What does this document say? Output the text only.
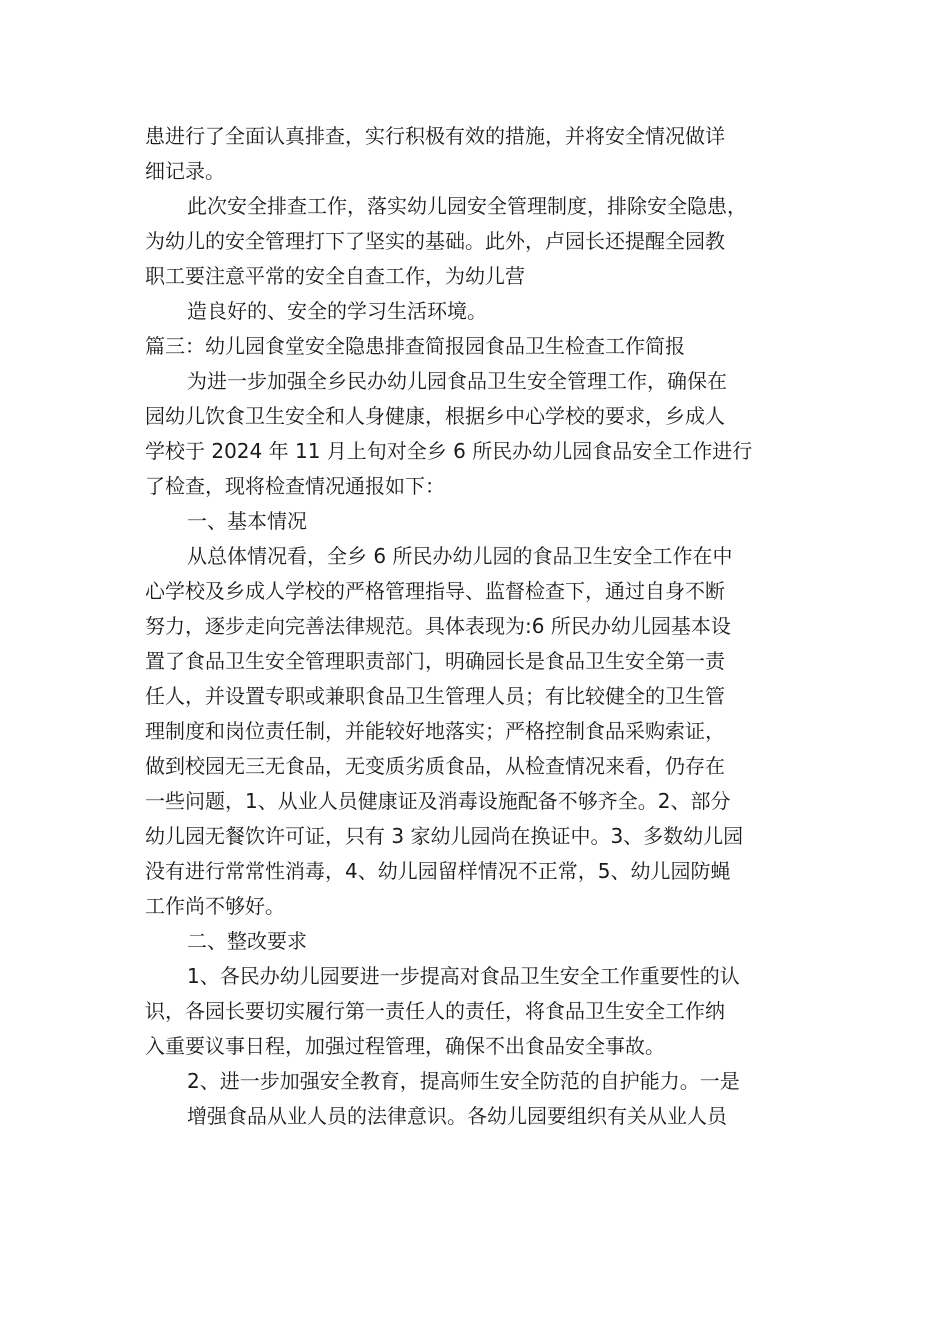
患进行了全面认真排查，实行积极有效的措施，并将安全情况做详
细记录。
此次安全排查工作，落实幼儿园安全管理制度，排除安全隐患，
为幼儿的安全管理打下了坚实的基础。此外，卢园长还提醒全园教
职工要注意平常的安全自查工作，为幼儿营
造良好的、安全的学习生活环境。
篇三：幼儿园食堂安全隐患排查简报园食品卫生检查工作简报
为进一步加强全乡民办幼儿园食品卫生安全管理工作，确保在
园幼儿饮食卫生安全和人身健康，根据乡中心学校的要求，乡成人
学校于 2024 年 11 月上旬对全乡 6 所民办幼儿园食品安全工作进行
了检查，现将检查情况通报如下：
一、基本情况
从总体情况看，全乡 6 所民办幼儿园的食品卫生安全工作在中
心学校及乡成人学校的严格管理指导、监督检查下，通过自身不断
努力，逐步走向完善法律规范。具体表现为:6 所民办幼儿园基本设
置了食品卫生安全管理职责部门，明确园长是食品卫生安全第一责
任人，并设置专职或兼职食品卫生管理人员；有比较健全的卫生管
理制度和岗位责任制，并能较好地落实；严格控制食品采购索证，
做到校园无三无食品，无变质劣质食品，从检查情况来看，仍存在
一些问题，1、从业人员健康证及消毒设施配备不够齐全。2、部分
幼儿园无餐饮许可证，只有 3 家幼儿园尚在换证中。3、多数幼儿园
没有进行常常性消毒，4、幼儿园留样情况不正常，5、幼儿园防蝇
工作尚不够好。
二、整改要求
1、各民办幼儿园要进一步提高对食品卫生安全工作重要性的认
识，各园长要切实履行第一责任人的责任，将食品卫生安全工作纳
入重要议事日程，加强过程管理，确保不出食品安全事故。
2、进一步加强安全教育，提高师生安全防范的自护能力。一是
增强食品从业人员的法律意识。各幼儿园要组织有关从业人员
